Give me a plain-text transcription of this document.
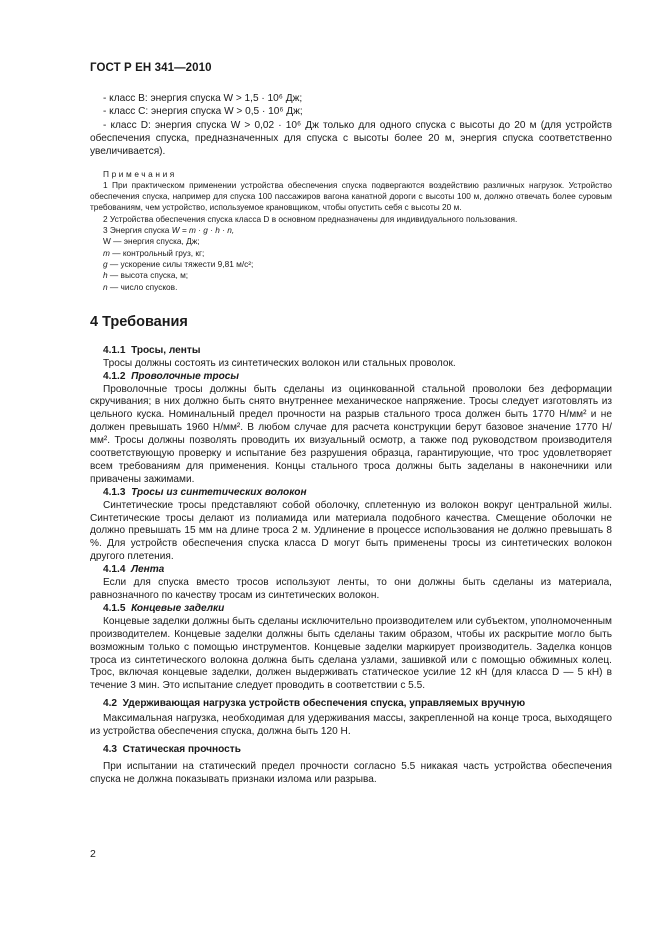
ГОСТ Р ЕН 341—2010

- класс В: энергия спуска W > 1,5 · 10⁶ Дж;

- класс С: энергия спуска W > 0,5 · 10⁶ Дж;

- класс D: энергия спуска W > 0,02 · 10⁶ Дж только для одного спуска с высоты до 20 м (для устройств обеспечения спуска, предназначенных для спуска с высоты более 20 м, энергия спуска соответственно увеличивается).

Примечания

1 При практическом применении устройства обеспечения спуска подвергаются воздействию различных нагрузок. Устройство обеспечения спуска, например для спуска 100 пассажиров вагона канатной дороги с высоты 100 м, должно отвечать более суровым требованиям, чем устройство, используемое крановщиком, чтобы опустить себя с высоты 20 м.

2 Устройства обеспечения спуска класса D в основном предназначены для индивидуального пользования.

3 Энергия спуска W = m · g · h · n,

W — энергия спуска, Дж;

m — контрольный груз, кг;

g — ускорение силы тяжести 9,81 м/с²;

h — высота спуска, м;

n — число спусков.

4 Требования
4.1.1 Тросы, ленты

Тросы должны состоять из синтетических волокон или стальных проволок.

4.1.2 Проволочные тросы

Проволочные тросы должны быть сделаны из оцинкованной стальной проволоки без деформации скручивания; в них должно быть снято внутреннее механическое напряжение. Тросы следует изготовлять из цельного куска. Номинальный предел прочности на разрыв стального троса должен быть 1770 Н/мм² и не должен превышать 1960 Н/мм². В любом случае для расчета конструкции берут базовое значение 1770 Н/мм². Тросы должны позволять проводить их визуальный осмотр, а также под руководством производителя соответствующую проверку и испытание без разрушения образца, гарантирующие, что трос удовлетворяет всем требованиям для применения. Концы стального троса должны быть заделаны в наконечники или привачены зажимами.

4.1.3 Тросы из синтетических волокон

Синтетические тросы представляют собой оболочку, сплетенную из волокон вокруг центральной жилы. Синтетические тросы делают из полиамида или материала подобного качества. Смещение оболочки не должно превышать 15 мм на длине троса 2 м. Удлинение в процессе использования не должно превышать 8 %. Для устройств обеспечения спуска класса D могут быть применены тросы из синтетических волокон другого плетения.

4.1.4 Лента

Если для спуска вместо тросов используют ленты, то они должны быть сделаны из материала, равнозначного по качеству тросам из синтетических волокон.

4.1.5 Концевые заделки

Концевые заделки должны быть сделаны исключительно производителем или субъектом, уполномоченным производителем. Концевые заделки должны быть сделаны таким образом, чтобы их раскрытие могло быть возможным только с помощью инструментов. Концевые заделки маркирует производитель. Заделка концов троса из синтетического волокна должна быть сделана узлами, зашивкой или с помощью обжимных колец. Трос, включая концевые заделки, должен выдерживать статическое усилие 12 кН (для класса D — 5 кН) в течение 3 мин. Это испытание следует проводить в соответствии с 5.5.

4.2 Удерживающая нагрузка устройств обеспечения спуска, управляемых вручную

Максимальная нагрузка, необходимая для удерживания массы, закрепленной на конце троса, выходящего из устройства обеспечения спуска, должна быть 120 Н.

4.3 Статическая прочность

При испытании на статический предел прочности согласно 5.5 никакая часть устройства обеспечения спуска не должна показывать признаки излома или разрыва.

2
